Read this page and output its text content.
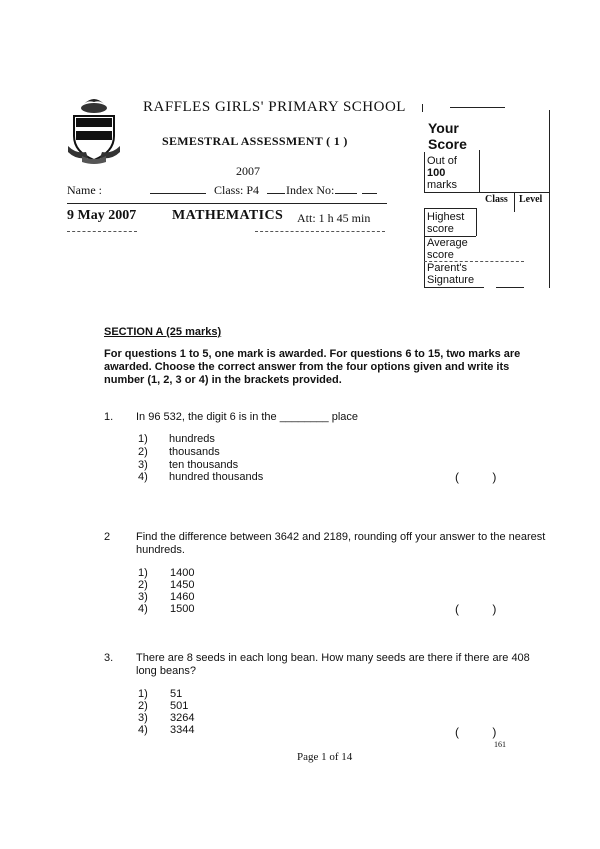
RAFFLES GIRLS' PRIMARY SCHOOL
SEMESTRAL ASSESSMENT ( 1 )
2007
Name :	Class: P4 Index No:
9 May 2007	MATHEMATICS Att: 1 h 45 min
Your
Score
Out of
100
marks
Class Level
Highest
score
Average
score
Parent's
Signature
SECTION A (25 marks)
For questions 1 to 5, one mark is awarded. For questions 6 to 15, two marks are awarded. Choose the correct answer from the four options given and write its number (1, 2, 3 or 4) in the brackets provided.
1. In 96 532, the digit 6 is in the ________ place
1) hundreds
2) thousands
3) ten thousands
4) hundred thousands	(          )
2 Find the difference between 3642 and 2189, rounding off your answer to the nearest hundreds.
1) 1400
2) 1450
3) 1460
4) 1500	(          )
3. There are 8 seeds in each long bean. How many seeds are there if there are 408 long beans?
1) 51
2) 501
3) 3264
4) 3344	(          )
161
Page 1 of 14
